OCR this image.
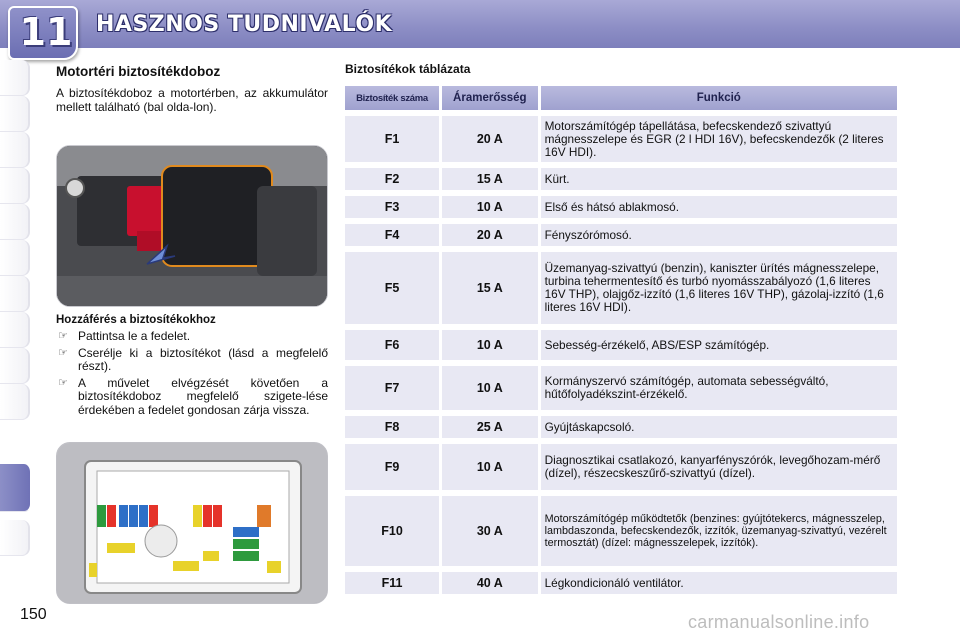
11 HASZNOS TUDNIVALÓK
Motortéri biztosítékdoboz

A biztosítékdoboz a motortérben, az akkumulátor mellett található (bal olda-lon).

Hozzáférés a biztosítékokhoz
☞ Pattintsa le a fedelet.
☞ Cserélje ki a biztosítékot (lásd a megfelelő részt).
☞ A művelet elvégzését követően a biztosítékdoboz megfelelő szigete-lése érdekében a fedelet gondosan zárja vissza.
Biztosítékok táblázata
Biztosíték száma	Áramerősség	Funkció

F1	20 A	Motorszámítógép tápellátása, befecskendező szivattyú mágnesszelepe és EGR (2 l HDI 16V), befecskendezők (2 literes 16V HDI).

F2	15 A	Kürt.

F3	10 A	Első és hátsó ablakmosó.

F4	20 A	Fényszórómosó.

F5	15 A	Üzemanyag-szivattyú (benzin), kaniszter ürítés mágnesszelepe, turbina tehermentesítő és turbó nyomásszabályozó (1,6 literes 16V THP), olajgőz-izzító (1,6 literes 16V THP), gázolaj-izzító (1,6 literes 16V HDI).

F6	10 A	Sebesség-érzékelő, ABS/ESP számítógép.

F7	10 A	Kormányszervó számítógép, automata sebességváltó, hűtőfolyadékszint-érzékelő.

F8	25 A	Gyújtáskapcsoló.

F9	10 A	Diagnosztikai csatlakozó, kanyarfényszórók, levegőhozam-mérő (dízel), részecskeszűrő-szivattyú (dízel).

F10	30 A	Motorszámítógép működtetők (benzines: gyújtótekercs, mágnesszelep, lambdaszonda, befecskendezők, izzítók, üzemanyag-szivattyú, vezérelt termosztát) (dízel: mágnesszelepek, izzítók).

F11	40 A	Légkondicionáló ventilátor.
150	carmanualsonline.info
